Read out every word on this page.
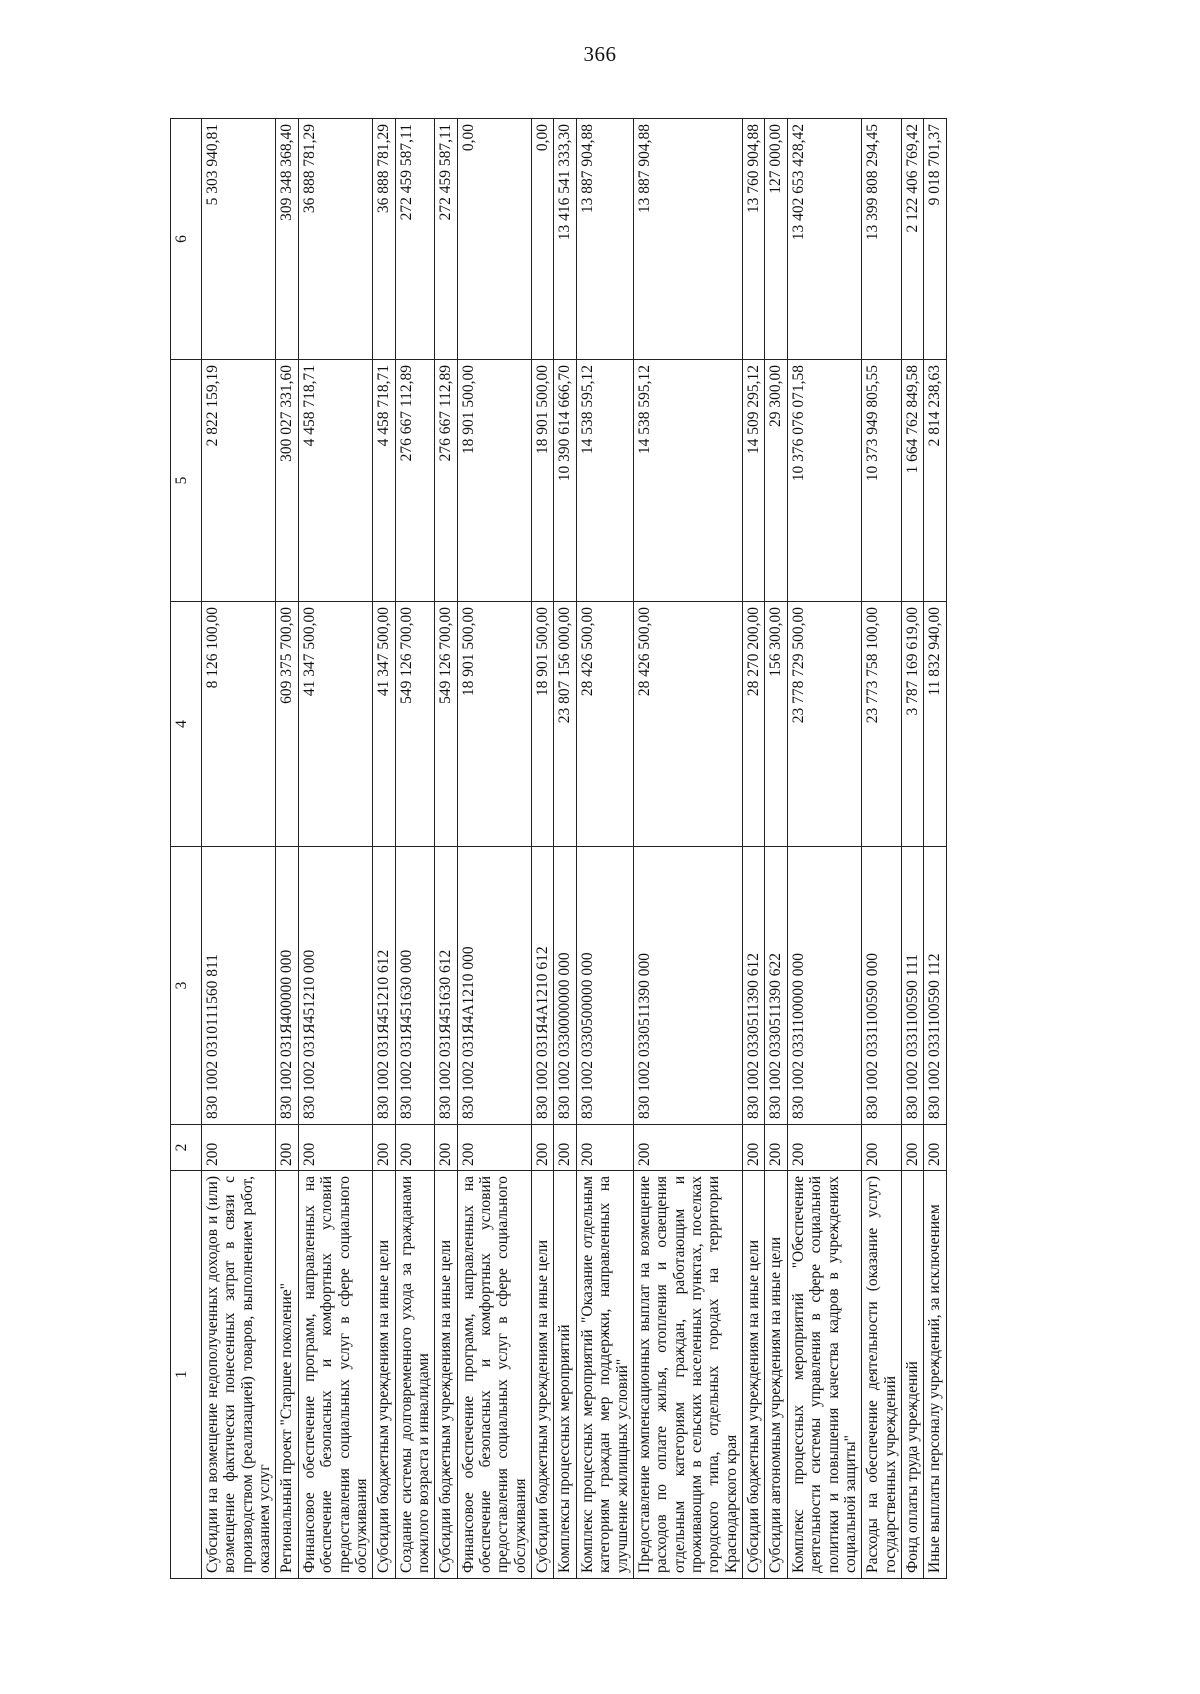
366
1	2	3	4	5	6
Субсидии на возмещение недополученных доходов и (или) возмещение фактически понесенных затрат в связи с производством (реализацией) товаров, выполнением работ, оказанием услуг	200	830 1002 0310111560 811	8 126 100,00	2 822 159,19	5 303 940,81
Региональный проект "Старшее поколение"	200	830 1002 031Я400000 000	609 375 700,00	300 027 331,60	309 348 368,40
Финансовое обеспечение программ, направленных на обеспечение безопасных и комфортных условий предоставления социальных услуг в сфере социального обслуживания	200	830 1002 031Я451210 000	41 347 500,00	4 458 718,71	36 888 781,29
Субсидии бюджетным учреждениям на иные цели	200	830 1002 031Я451210 612	41 347 500,00	4 458 718,71	36 888 781,29
Создание системы долговременного ухода за гражданами пожилого возраста и инвалидами	200	830 1002 031Я451630 000	549 126 700,00	276 667 112,89	272 459 587,11
Субсидии бюджетным учреждениям на иные цели	200	830 1002 031Я451630 612	549 126 700,00	276 667 112,89	272 459 587,11
Финансовое обеспечение программ, направленных на обеспечение безопасных и комфортных условий предоставления социальных услуг в сфере социального обслуживания	200	830 1002 031Я4А1210 000	18 901 500,00	18 901 500,00	0,00
Субсидии бюджетным учреждениям на иные цели	200	830 1002 031Я4А1210 612	18 901 500,00	18 901 500,00	0,00
Комплексы процессных мероприятий	200	830 1002 0330000000 000	23 807 156 000,00	10 390 614 666,70	13 416 541 333,30
Комплекс процессных мероприятий "Оказание отдельным категориям граждан мер поддержки, направленных на улучшение жилищных условий"	200	830 1002 0330500000 000	28 426 500,00	14 538 595,12	13 887 904,88
Предоставление компенсационных выплат на возмещение расходов по оплате жилья, отопления и освещения отдельным категориям граждан, работающим и проживающим в сельских населенных пунктах, поселках городского типа, отдельных городах на территории Краснодарского края	200	830 1002 0330511390 000	28 426 500,00	14 538 595,12	13 887 904,88
Субсидии бюджетным учреждениям на иные цели	200	830 1002 0330511390 612	28 270 200,00	14 509 295,12	13 760 904,88
Субсидии автономным учреждениям на иные цели	200	830 1002 0330511390 622	156 300,00	29 300,00	127 000,00
Комплекс процессных мероприятий "Обеспечение деятельности системы управления в сфере социальной политики и повышения качества кадров в учреждениях социальной защиты"	200	830 1002 0331100000 000	23 778 729 500,00	10 376 076 071,58	13 402 653 428,42
Расходы на обеспечение деятельности (оказание услуг) государственных учреждений	200	830 1002 0331100590 000	23 773 758 100,00	10 373 949 805,55	13 399 808 294,45
Фонд оплаты труда учреждений	200	830 1002 0331100590 111	3 787 169 619,00	1 664 762 849,58	2 122 406 769,42
Иные выплаты персоналу учреждений, за исключением	200	830 1002 0331100590 112	11 832 940,00	2 814 238,63	9 018 701,37
